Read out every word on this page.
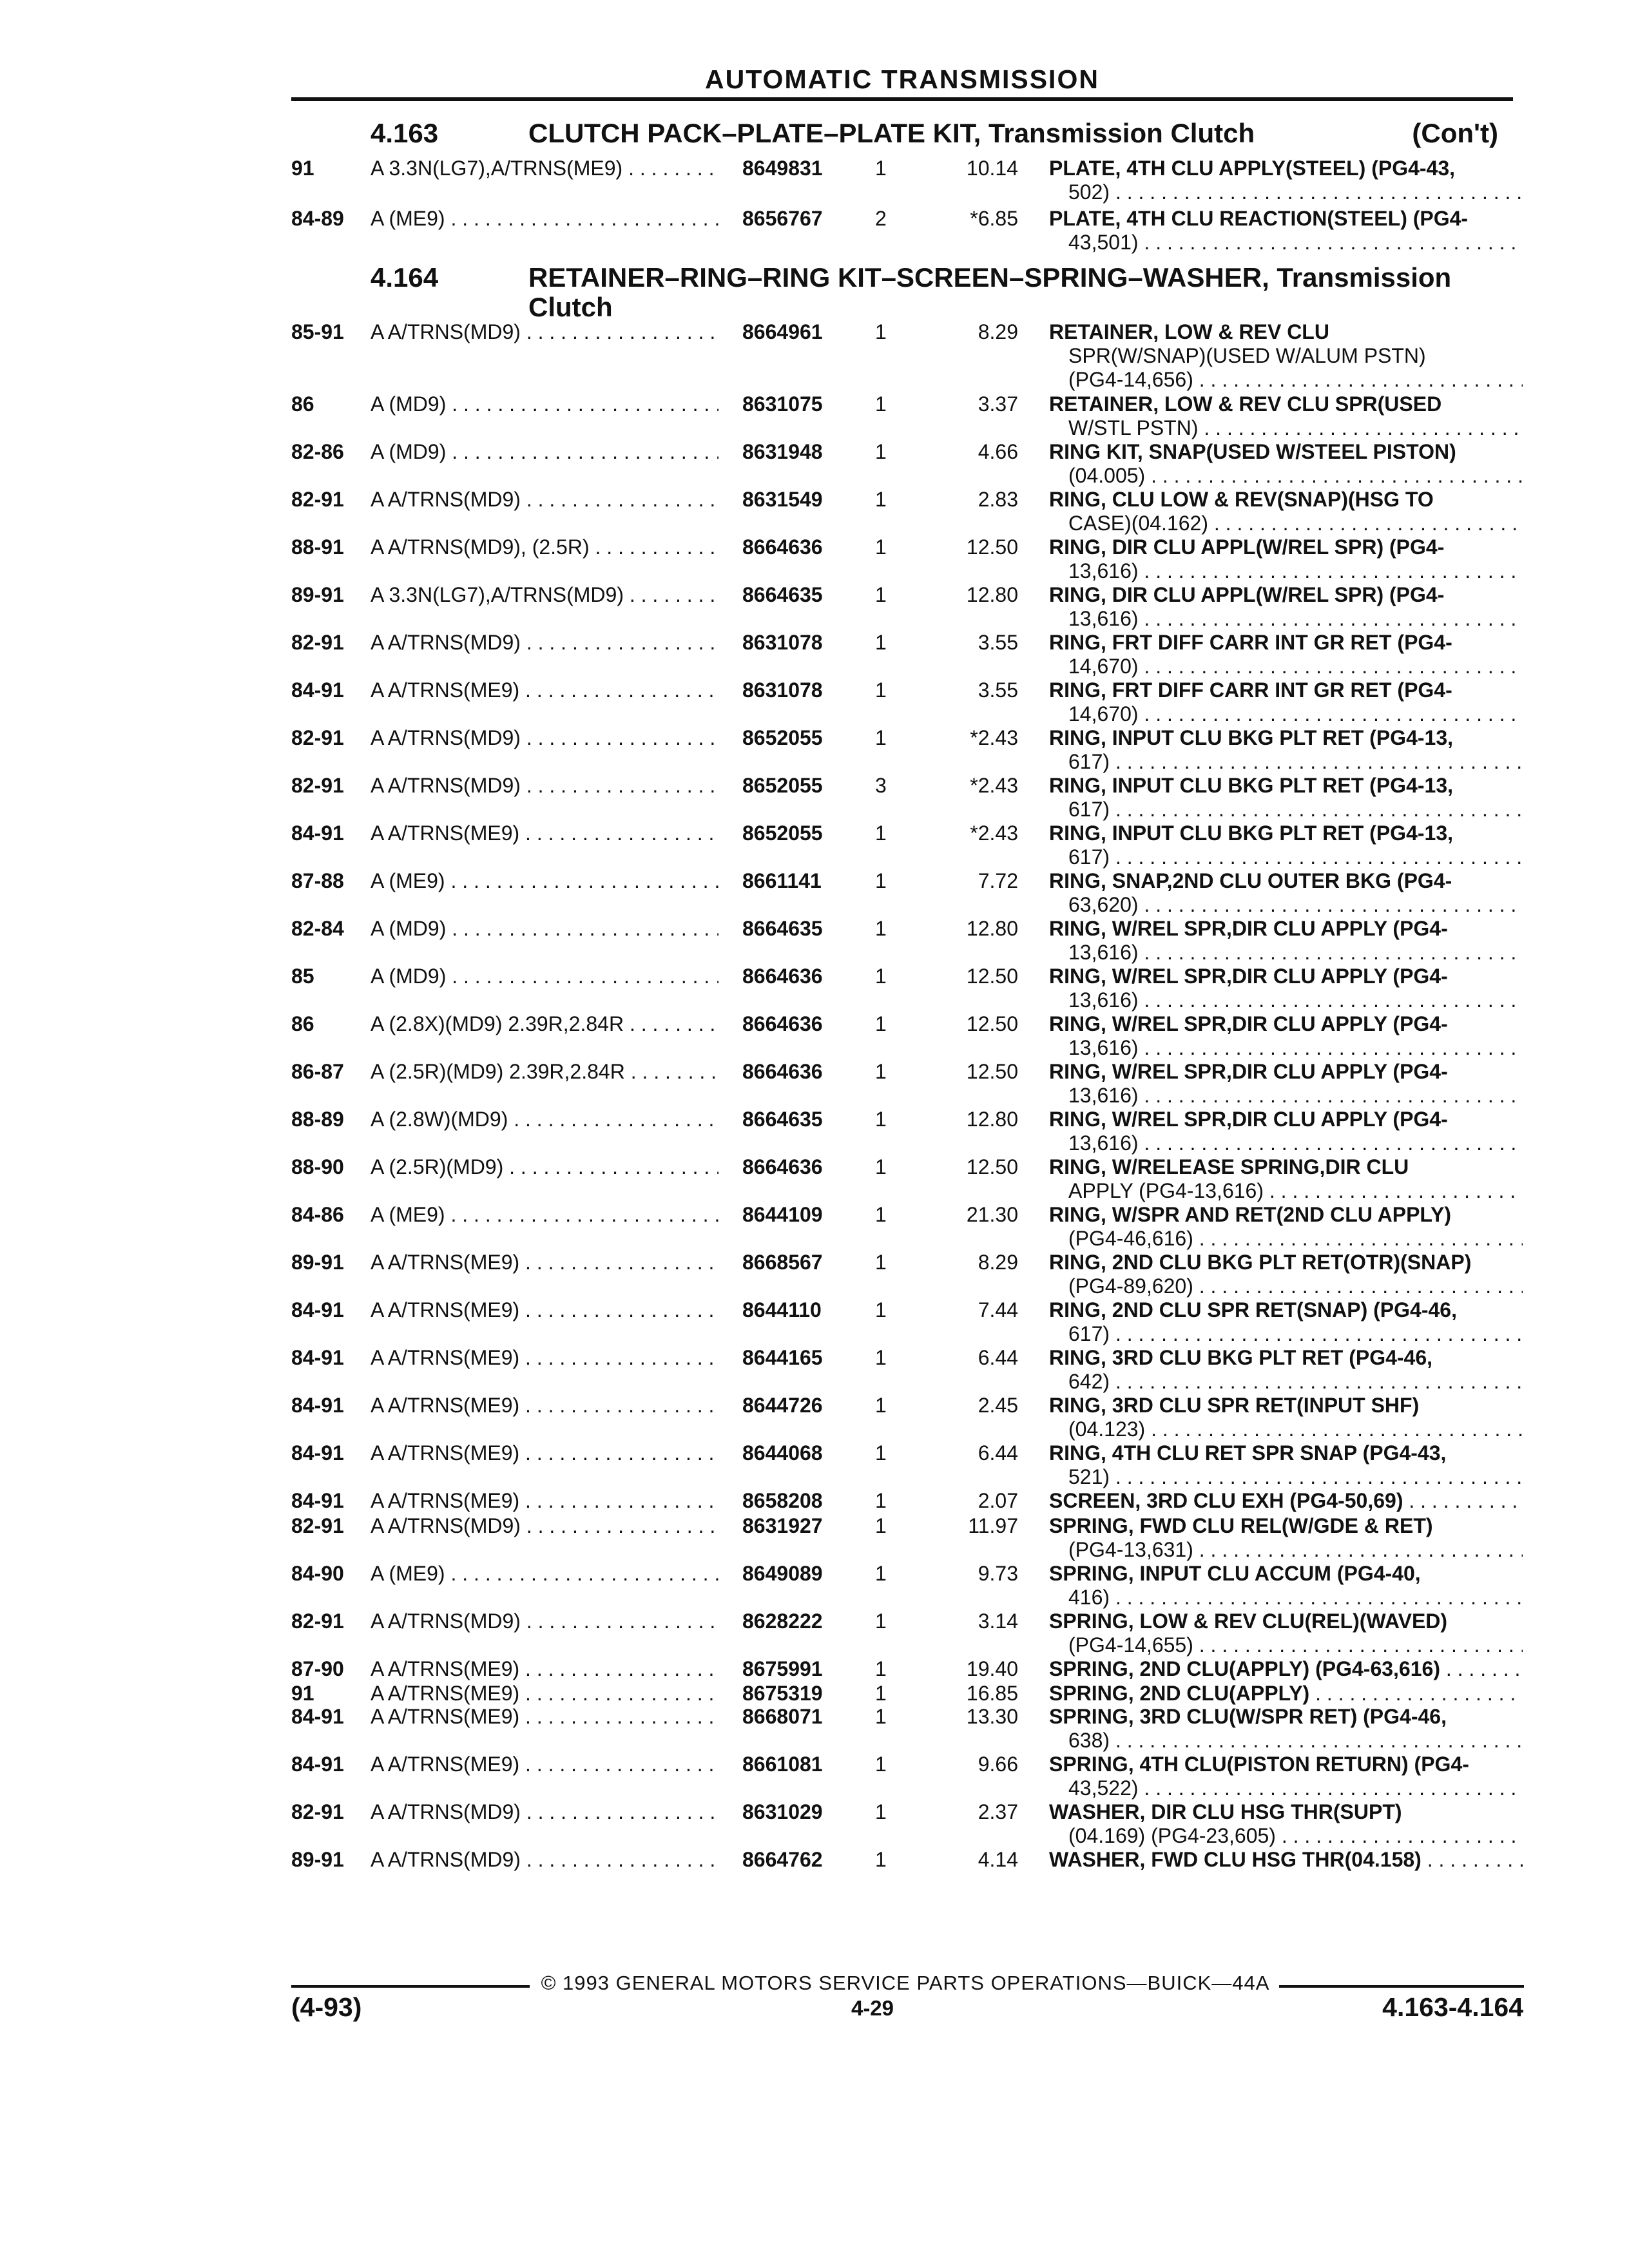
AUTOMATIC TRANSMISSION
4.163	(Con't)
CLUTCH PACK–PLATE–PLATE KIT, Transmission Clutch
4.164	RETAINER–RING–RING KIT–SCREEN–SPRING–WASHER, Transmission
Clutch
91	A 3.3N(LG7),A/TRNS(ME9) . . .	8649831	1	10.14 PLATE, 4TH CLU APPLY(STEEL) (PG4-43,
502) . . .
84-89 A (ME9) . . .	8656767	2	*6.85 PLATE, 4TH CLU REACTION(STEEL) (PG4-
43,501) . . .
85-91 A A/TRNS(MD9) . . .	8664961	1	8.29 RETAINER, LOW & REV CLU
SPR(W/SNAP)(USED W/ALUM PSTN)
(PG4-14,656) . . .
86	A (MD9) . . .	8631075	1	3.37 RETAINER, LOW & REV CLU SPR(USED
W/STL PSTN) . . .
82-86 A (MD9) . . .	8631948	1	4.66 RING KIT, SNAP(USED W/STEEL PISTON)
(04.005) . . .
82-91 A A/TRNS(MD9) . . .	8631549	1	2.83 RING, CLU LOW & REV(SNAP)(HSG TO
CASE)(04.162) . . .
88-91 A A/TRNS(MD9), (2.5R) . . .	8664636	1	12.50 RING, DIR CLU APPL(W/REL SPR) (PG4-
13,616) . . .
89-91 A 3.3N(LG7),A/TRNS(MD9) . . .	8664635	1	12.80 RING, DIR CLU APPL(W/REL SPR) (PG4-
13,616) . . .
82-91 A A/TRNS(MD9) . . .	8631078	1	3.55 RING, FRT DIFF CARR INT GR RET (PG4-
14,670) . . .
84-91 A A/TRNS(ME9) . . .	8631078	1	3.55 RING, FRT DIFF CARR INT GR RET (PG4-
14,670) . . .
82-91 A A/TRNS(MD9) . . .	8652055	1	*2.43 RING, INPUT CLU BKG PLT RET (PG4-13,
617) . . .
82-91 A A/TRNS(MD9) . . .	8652055	3	*2.43 RING, INPUT CLU BKG PLT RET (PG4-13,
617) . . .
84-91 A A/TRNS(ME9) . . .	8652055	1	*2.43 RING, INPUT CLU BKG PLT RET (PG4-13,
617) . . .
87-88 A (ME9) . . .	8661141	1	7.72 RING, SNAP,2ND CLU OUTER BKG (PG4-
63,620) . . .
82-84 A (MD9) . . .	8664635	1	12.80 RING, W/REL SPR,DIR CLU APPLY (PG4-
13,616) . . .
85	A (MD9) . . .	8664636	1	12.50 RING, W/REL SPR,DIR CLU APPLY (PG4-
13,616) . . .
86	A (2.8X)(MD9) 2.39R,2.84R . . .	8664636	1	12.50 RING, W/REL SPR,DIR CLU APPLY (PG4-
13,616) . . .
86-87 A (2.5R)(MD9) 2.39R,2.84R . . .	8664636	1	12.50 RING, W/REL SPR,DIR CLU APPLY (PG4-
13,616) . . .
88-89 A (2.8W)(MD9) . . .	8664635	1	12.80 RING, W/REL SPR,DIR CLU APPLY (PG4-
13,616) . . .
88-90 A (2.5R)(MD9) . . .	8664636	1	12.50 RING, W/RELEASE SPRING,DIR CLU
APPLY (PG4-13,616) . . .
84-86 A (ME9) . . .	8644109	1	21.30 RING, W/SPR AND RET(2ND CLU APPLY)
(PG4-46,616) . . .
89-91 A A/TRNS(ME9) . . .	8668567	1	8.29 RING, 2ND CLU BKG PLT RET(OTR)(SNAP)
(PG4-89,620) . . .
84-91 A A/TRNS(ME9) . . .	8644110	1	7.44 RING, 2ND CLU SPR RET(SNAP) (PG4-46,
617) . . .
84-91 A A/TRNS(ME9) . . .	8644165	1	6.44 RING, 3RD CLU BKG PLT RET (PG4-46,
642) . . .
84-91 A A/TRNS(ME9) . . .	8644726	1	2.45 RING, 3RD CLU SPR RET(INPUT SHF)
(04.123) . . .
84-91 A A/TRNS(ME9) . . .	8644068	1	6.44 RING, 4TH CLU RET SPR SNAP (PG4-43,
521) . . .
84-91 A A/TRNS(ME9) . . .	8658208	1	2.07 SCREEN, 3RD CLU EXH (PG4-50,69) . . .
82-91 A A/TRNS(MD9) . . .	8631927	1	11.97 SPRING, FWD CLU REL(W/GDE & RET)
(PG4-13,631) . . .
84-90 A (ME9) . . .	8649089	1	9.73 SPRING, INPUT CLU ACCUM (PG4-40,
416) . . .
82-91 A A/TRNS(MD9) . . .	8628222	1	3.14 SPRING, LOW & REV CLU(REL)(WAVED)
(PG4-14,655) . . .
87-90 A A/TRNS(ME9) . . .	8675991	1	19.40 SPRING, 2ND CLU(APPLY) (PG4-63,616) . . .
91	A A/TRNS(ME9) . . .	8675319	1	16.85 SPRING, 2ND CLU(APPLY) . . .
84-91 A A/TRNS(ME9) . . .	8668071	1	13.30 SPRING, 3RD CLU(W/SPR RET) (PG4-46,
638) . . .
84-91 A A/TRNS(ME9) . . .	8661081	1	9.66 SPRING, 4TH CLU(PISTON RETURN) (PG4-
43,522) . . .
82-91 A A/TRNS(MD9) . . .	8631029	1	2.37 WASHER, DIR CLU HSG THR(SUPT)
(04.169) (PG4-23,605) . . .
89-91 A A/TRNS(MD9) . . .	8664762	1	4.14 WASHER, FWD CLU HSG THR(04.158) . . .
© 1993 GENERAL MOTORS SERVICE PARTS OPERATIONS—BUICK—44A
(4-93)	4-29	4.163-4.164
